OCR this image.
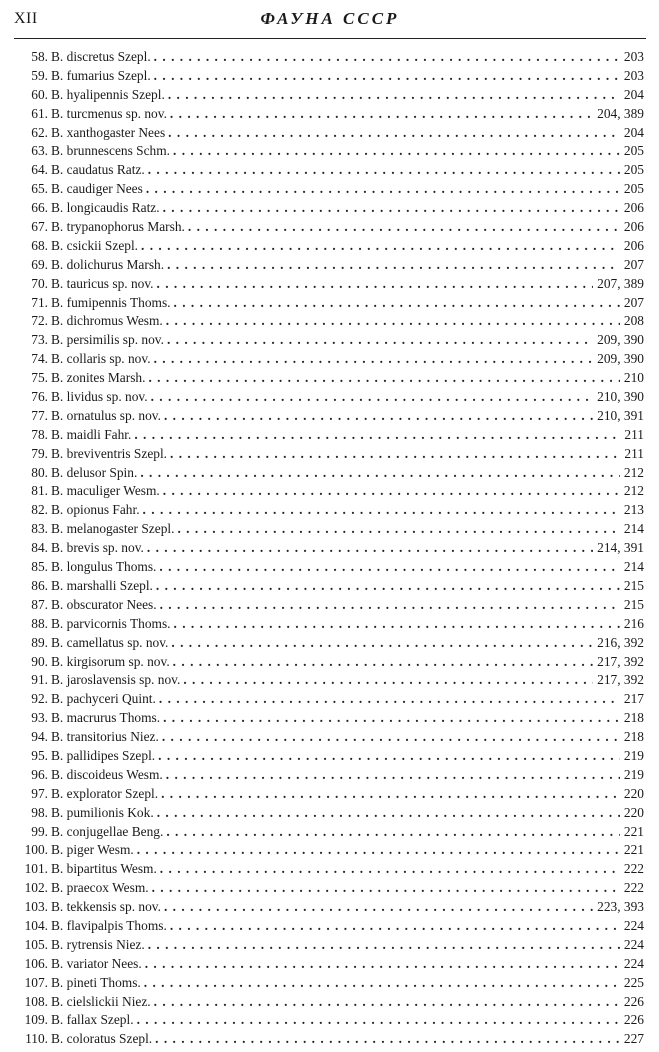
XII	ФАУНА СССР
58. B. discretus Szepl. . . .	203
59. B. fumarius Szepl. . . .	203
60. B. hyalipennis Szepl. . . .	204
61. B. turcmenus sp. nov. . . .	204, 389
62. B. xanthogaster Nees . . .	204
63. B. brunnescens Schm. . . .	205
64. B. caudatus Ratz. . . .	205
65. B. caudiger Nees . . .	205
66. B. longicaudis Ratz. . . .	206
67. B. trypanophorus Marsh. . . .	206
68. B. csickii Szepl. . . .	206
69. B. dolichurus Marsh. . . .	207
70. B. tauricus sp. nov. . . .	207, 389
71. B. fumipennis Thoms. . . .	207
72. B. dichromus Wesm. . . .	208
73. B. persimilis sp. nov. . . .	209, 390
74. B. collaris sp. nov. . . .	209, 390
75. B. zonites Marsh. . . .	210
76. B. lividus sp. nov. . . .	210, 390
77. B. ornatulus sp. nov. . . .	210, 391
78. B. maidli Fahr. . . .	211
79. B. breviventris Szepl. . . .	211
80. B. delusor Spin. . . .	212
81. B. maculiger Wesm. . . .	212
82. B. opionus Fahr. . . .	213
83. B. melanogaster Szepl. . . .	214
84. B. brevis sp. nov. . . .	214, 391
85. B. longulus Thoms. . . .	214
86. B. marshalli Szepl. . . .	215
87. B. obscurator Nees. . . .	215
88. B. parvicornis Thoms. . . .	216
89. B. camellatus sp. nov. . . .	216, 392
90. B. kirgisorum sp. nov. . . .	217, 392
91. B. jaroslavensis sp. nov. . . .	217, 392
92. B. pachyceri Quint. . . .	217
93. B. macrurus Thoms. . . .	218
94. B. transitorius Niez. . . .	218
95. B. pallidipes Szepl. . . .	219
96. B. discoideus Wesm. . . .	219
97. B. explorator Szepl. . . .	220
98. B. pumilionis Kok. . . .	220
99. B. conjugellae Beng. . . .	221
100. B. piger Wesm. . . .	221
101. B. bipartitus Wesm. . . .	222
102. B. praecox Wesm. . . .	222
103. B. tekkensis sp. nov. . . .	223, 393
104. B. flavipalpis Thoms. . . .	224
105. B. rytrensis Niez. . . .	224
106. B. variator Nees. . . .	224
107. B. pineti Thoms. . . .	225
108. B. cielslickii Niez. . . .	226
109. B. fallax Szepl. . . .	226
110. B. coloratus Szepl. . . .	227
